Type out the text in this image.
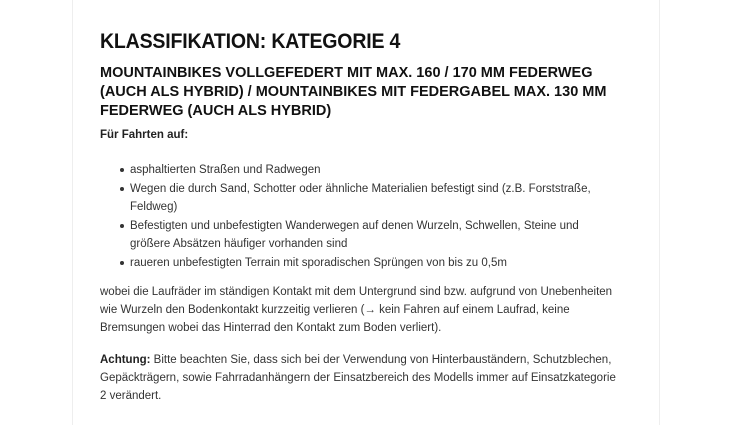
KLASSIFIKATION: KATEGORIE 4
MOUNTAINBIKES VOLLGEFEDERT MIT MAX. 160 / 170 MM FEDERWEG (AUCH ALS HYBRID) / MOUNTAINBIKES MIT FEDERGABEL MAX. 130 MM FEDERWEG (AUCH ALS HYBRID)
Für Fahrten auf:
asphaltierten Straßen und Radwegen
Wegen die durch Sand, Schotter oder ähnliche Materialien befestigt sind (z.B. Forststraße, Feldweg)
Befestigten und unbefestigten Wanderwegen auf denen Wurzeln, Schwellen, Steine und größere Absätzen häufiger vorhanden sind
raueren unbefestigten Terrain mit sporadischen Sprüngen von bis zu 0,5m

wobei die Laufräder im ständigen Kontakt mit dem Untergrund sind bzw. aufgrund von Unebenheiten wie Wurzeln den Bodenkontakt kurzzeitig verlieren (→ kein Fahren auf einem Laufrad, keine Bremsungen wobei das Hinterrad den Kontakt zum Boden verliert).

Achtung: Bitte beachten Sie, dass sich bei der Verwendung von Hinterbauständern, Schutzblechen, Gepäckträgern, sowie Fahrradanhängern der Einsatzbereich des Modells immer auf Einsatzkategorie 2 verändert.
